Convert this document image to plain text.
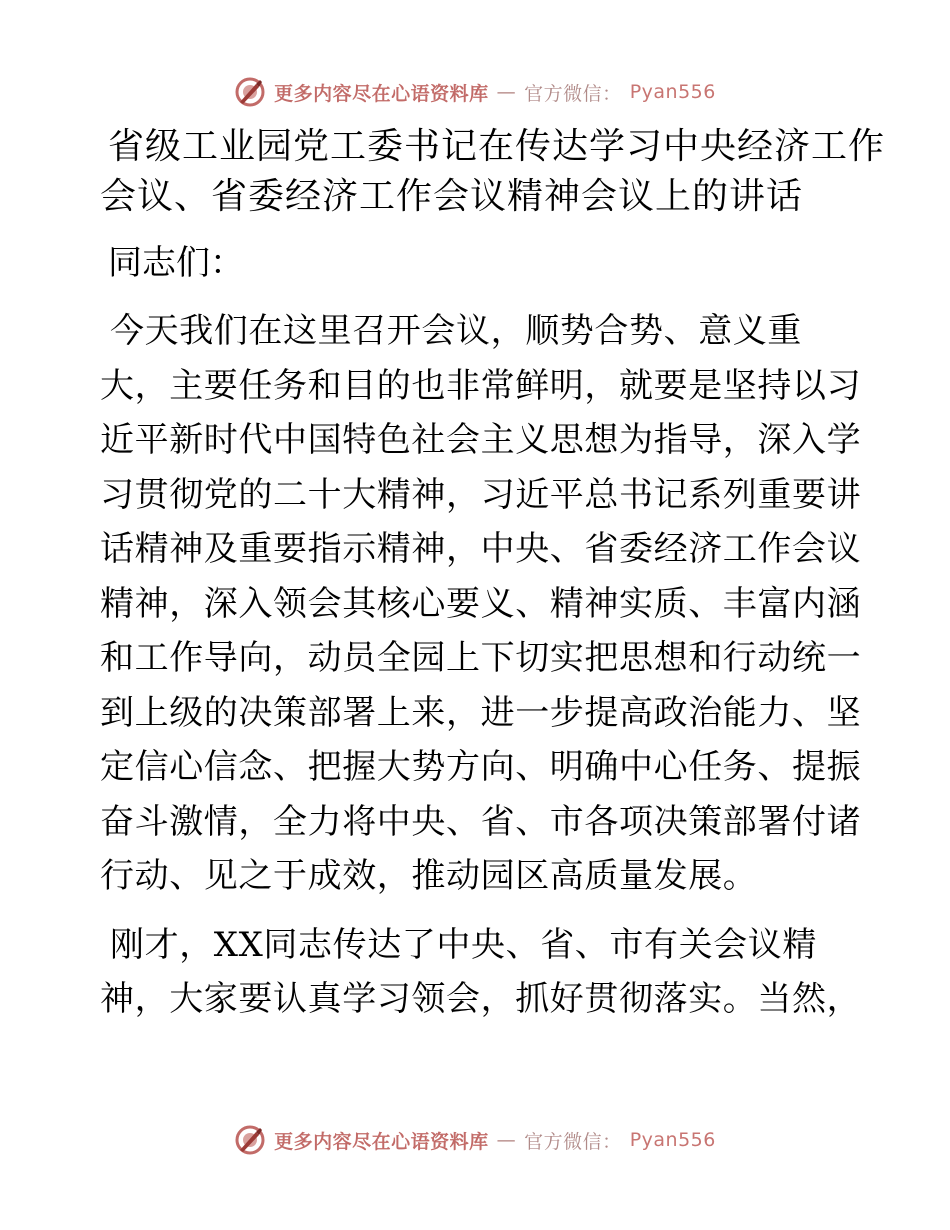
更多内容尽在心语资料库 — 官方微信： Pyan556
省级工业园党工委书记在传达学习中央经济工作
会议、省委经济工作会议精神会议上的讲话

同志们：

今天我们在这里召开会议，顺势合势、意义重
大，主要任务和目的也非常鲜明，就要是坚持以习
近平新时代中国特色社会主义思想为指导，深入学
习贯彻党的二十大精神，习近平总书记系列重要讲
话精神及重要指示精神，中央、省委经济工作会议
精神，深入领会其核心要义、精神实质、丰富内涵
和工作导向，动员全园上下切实把思想和行动统一
到上级的决策部署上来，进一步提高政治能力、坚
定信心信念、把握大势方向、明确中心任务、提振
奋斗激情，全力将中央、省、市各项决策部署付诸
行动、见之于成效，推动园区高质量发展。

刚才，XX同志传达了中央、省、市有关会议精
神，大家要认真学习领会，抓好贯彻落实。当然，

更多内容尽在心语资料库 — 官方微信： Pyan556
